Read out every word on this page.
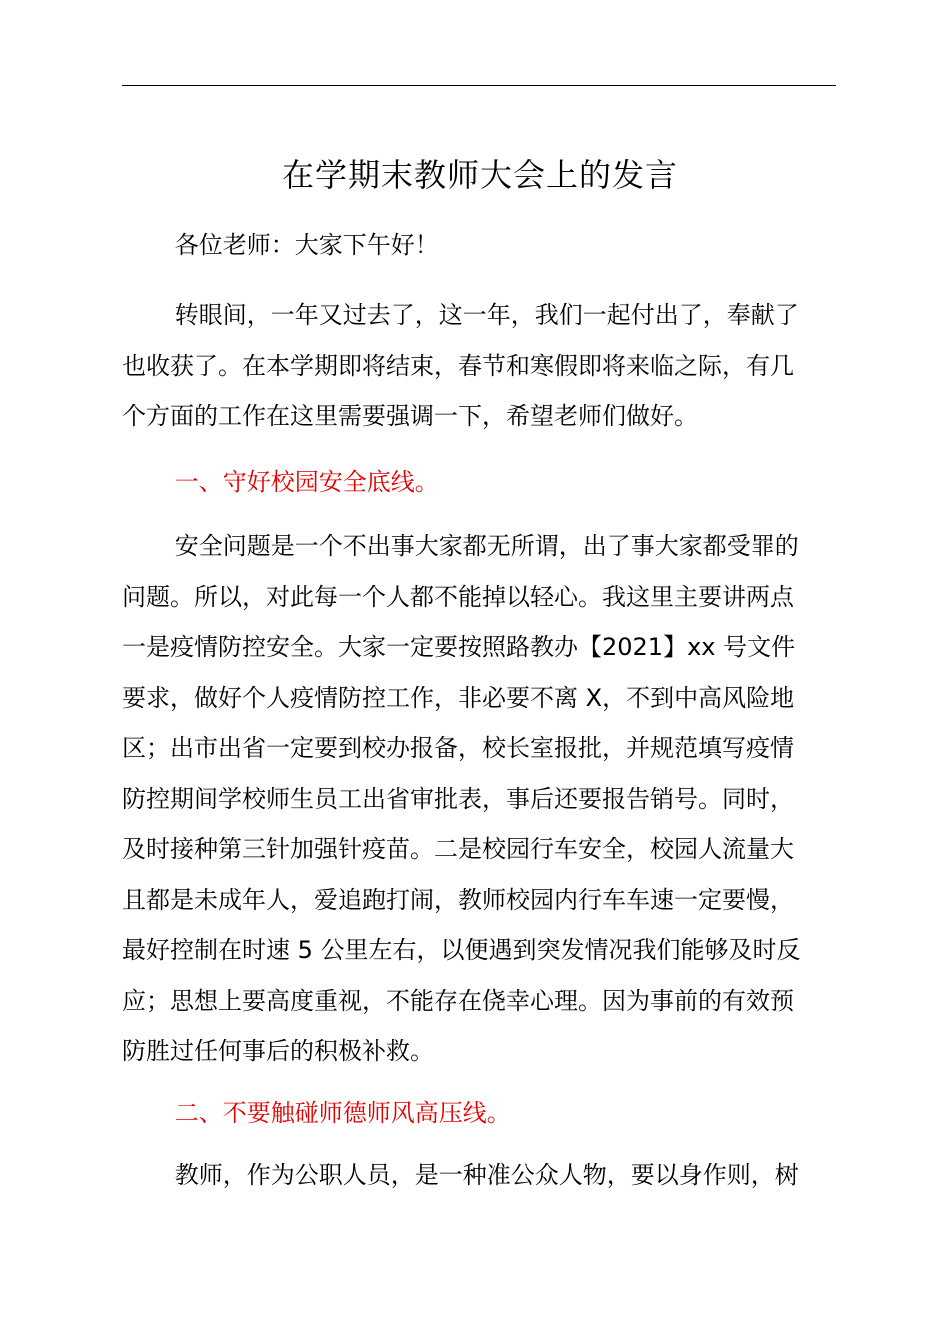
在学期末教师大会上的发言

各位老师：大家下午好！

转眼间，一年又过去了，这一年，我们一起付出了，奉献了
也收获了。在本学期即将结束，春节和寒假即将来临之际，有几
个方面的工作在这里需要强调一下，希望老师们做好。

一、守好校园安全底线。

安全问题是一个不出事大家都无所谓，出了事大家都受罪的
问题。所以，对此每一个人都不能掉以轻心。我这里主要讲两点
一是疫情防控安全。大家一定要按照路教办【2021】xx 号文件
要求，做好个人疫情防控工作，非必要不离 X，不到中高风险地
区；出市出省一定要到校办报备，校长室报批，并规范填写疫情
防控期间学校师生员工出省审批表，事后还要报告销号。同时，
及时接种第三针加强针疫苗。二是校园行车安全，校园人流量大
且都是未成年人，爱追跑打闹，教师校园内行车车速一定要慢，
最好控制在时速 5 公里左右，以便遇到突发情况我们能够及时反
应；思想上要高度重视，不能存在侥幸心理。因为事前的有效预
防胜过任何事后的积极补救。

二、不要触碰师德师风高压线。

教师，作为公职人员，是一种准公众人物，要以身作则，树
